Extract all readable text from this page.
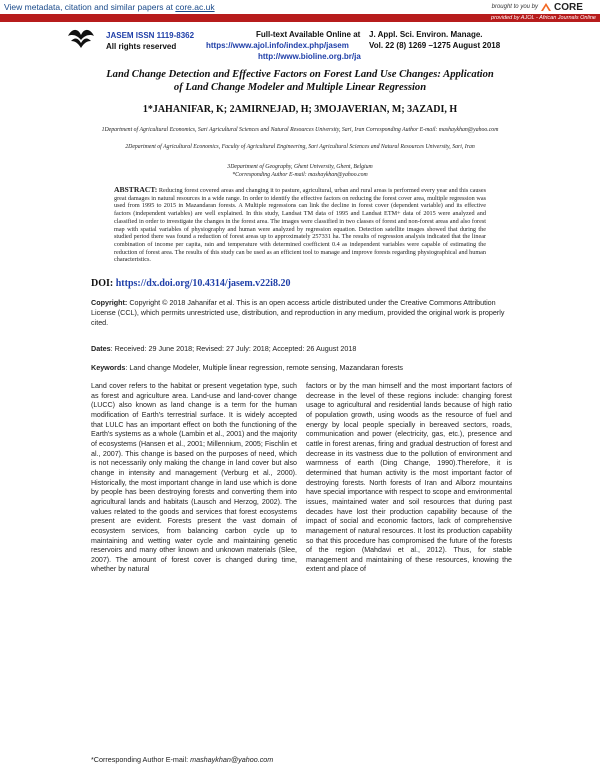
View metadata, citation and similar papers at core.ac.uk	brought to you by CORE
provided by AJOL - African Journals Online
JASEM ISSN 1119-8362
All rights reserved
Full-text Available Online at
https://www.ajol.info/index.php/jasem
http://www.bioline.org.br/ja
J. Appl. Sci. Environ. Manage.
Vol. 22 (8) 1269 –1275 August 2018
Land Change Detection and Effective Factors on Forest Land Use Changes: Application
of Land Change Modeler and Multiple Linear Regression
1*JAHANIFAR, K; 2AMIRNEJAD, H; 3MOJAVERIAN, M; 3AZADI, H
1Department of Agricultural Economics, Sari Agricultural Sciences and Natural Resources University, Sari, Iran Corresponding Author E-mail: mashaykhan@yahoo.com
2Department of Agricultural Economics, Faculty of Agricultural Engineering, Sari Agricultural Sciences and Natural Resources University, Sari, Iran
3Department of Geography, Ghent University, Ghent, Belgium
*Corresponding Author E-mail: mashaykhan@yahoo.com
ABSTRACT: Reducing forest covered areas and changing it to pasture, agricultural, urban and rural areas is performed every year and this causes great damages in natural resources in a wide range. In order to identify the effective factors on reducing the forest cover area, multiple regression was used from 1995 to 2015 in Mazandaran forests. A Multiple regressions can link the decline in forest cover (dependent variable) and its effective factors (independent variables) are well explained. In this study, Landsat TM data of 1995 and Landsat ETM+ data of 2015 were analyzed and classified in order to investigate the changes in the forest area. The images were classified in two classes of forest and non-forest areas and also forest map with spatial variables of physiography and human were analyzed by regression equation. Detection satellite images showed that during the studied period there was found a reduction of forest areas up to approximately 257331 ha. The results of regression analysis indicated that the linear combination of income per capita, rain and temperature with determined coefficient 0.4 as independent variables were capable of estimating the reduction of forest area. The results of this study can be used as an efficient tool to manage and improve forests regarding physiographical and human characteristics.
DOI: https://dx.doi.org/10.4314/jasem.v22i8.20
Copyright: Copyright © 2018 Jahanifar et al. This is an open access article distributed under the Creative Commons Attribution License (CCL), which permits unrestricted use, distribution, and reproduction in any medium, provided the original work is properly cited.
Dates: Received: 29 June 2018; Revised: 27 July: 2018; Accepted: 26 August 2018
Keywords: Land change Modeler, Multiple linear regression, remote sensing, Mazandaran forests
Land cover refers to the habitat or present vegetation type, such as forest and agriculture area. Land-use and land-cover change (LUCC) also known as land change is a term for the human modification of Earth's terrestrial surface. It is widely accepted that LULC has an important effect on both the functioning of the Earth's systems as a whole (Lambin et al., 2001) and the majority of ecosystems (Hansen et al., 2001; Millennium, 2005; Fischlin et al., 2007). This change is based on the purposes of need, which is not necessarily only making the change in land cover but also change in intensity and management (Verburg et al., 2000). Historically, the most important change in land use which is done by people has been destroying forests and converting them into agricultural lands and habitats (Lausch and Herzog, 2002). The values related to the goods and services that forest ecosystems present are evident. Forests present the vast domain of ecosystem services, from balancing carbon cycle up to maintaining and wetting water cycle and maintaining genetic reservoirs and many other known and unknown materials (Slee, 2007). The amount of forest cover is changed during time, whether by natural
factors or by the man himself and the most important factors of decrease in the level of these regions include: changing forest usage to agricultural and residential lands because of high ratio of population growth, using woods as the resource of fuel and energy by local people specially in bereaved sectors, roads, communication and power (electricity, gas, etc.), presence and cattle in forest arenas, firing and gradual destruction of forest and decrease in its vastness due to the pollution of environment and warmness of earth (Ding Change, 1990).Therefore, it is determined that human activity is the most important factor of destroying forests. North forests of Iran and Alborz mountains have special importance with respect to scope and environmental issues, maintained water and soil resources that during past decades have lost their production capability because of the impact of social and economic factors, lack of comprehensive management of natural resources. It lost its production capability so that this procedure has compromised the future of the forests of the region (Mahdavi et al., 2012). Thus, for stable management and maintaining of these resources, knowing the extent and place of
*Corresponding Author E-mail: mashaykhan@yahoo.com
